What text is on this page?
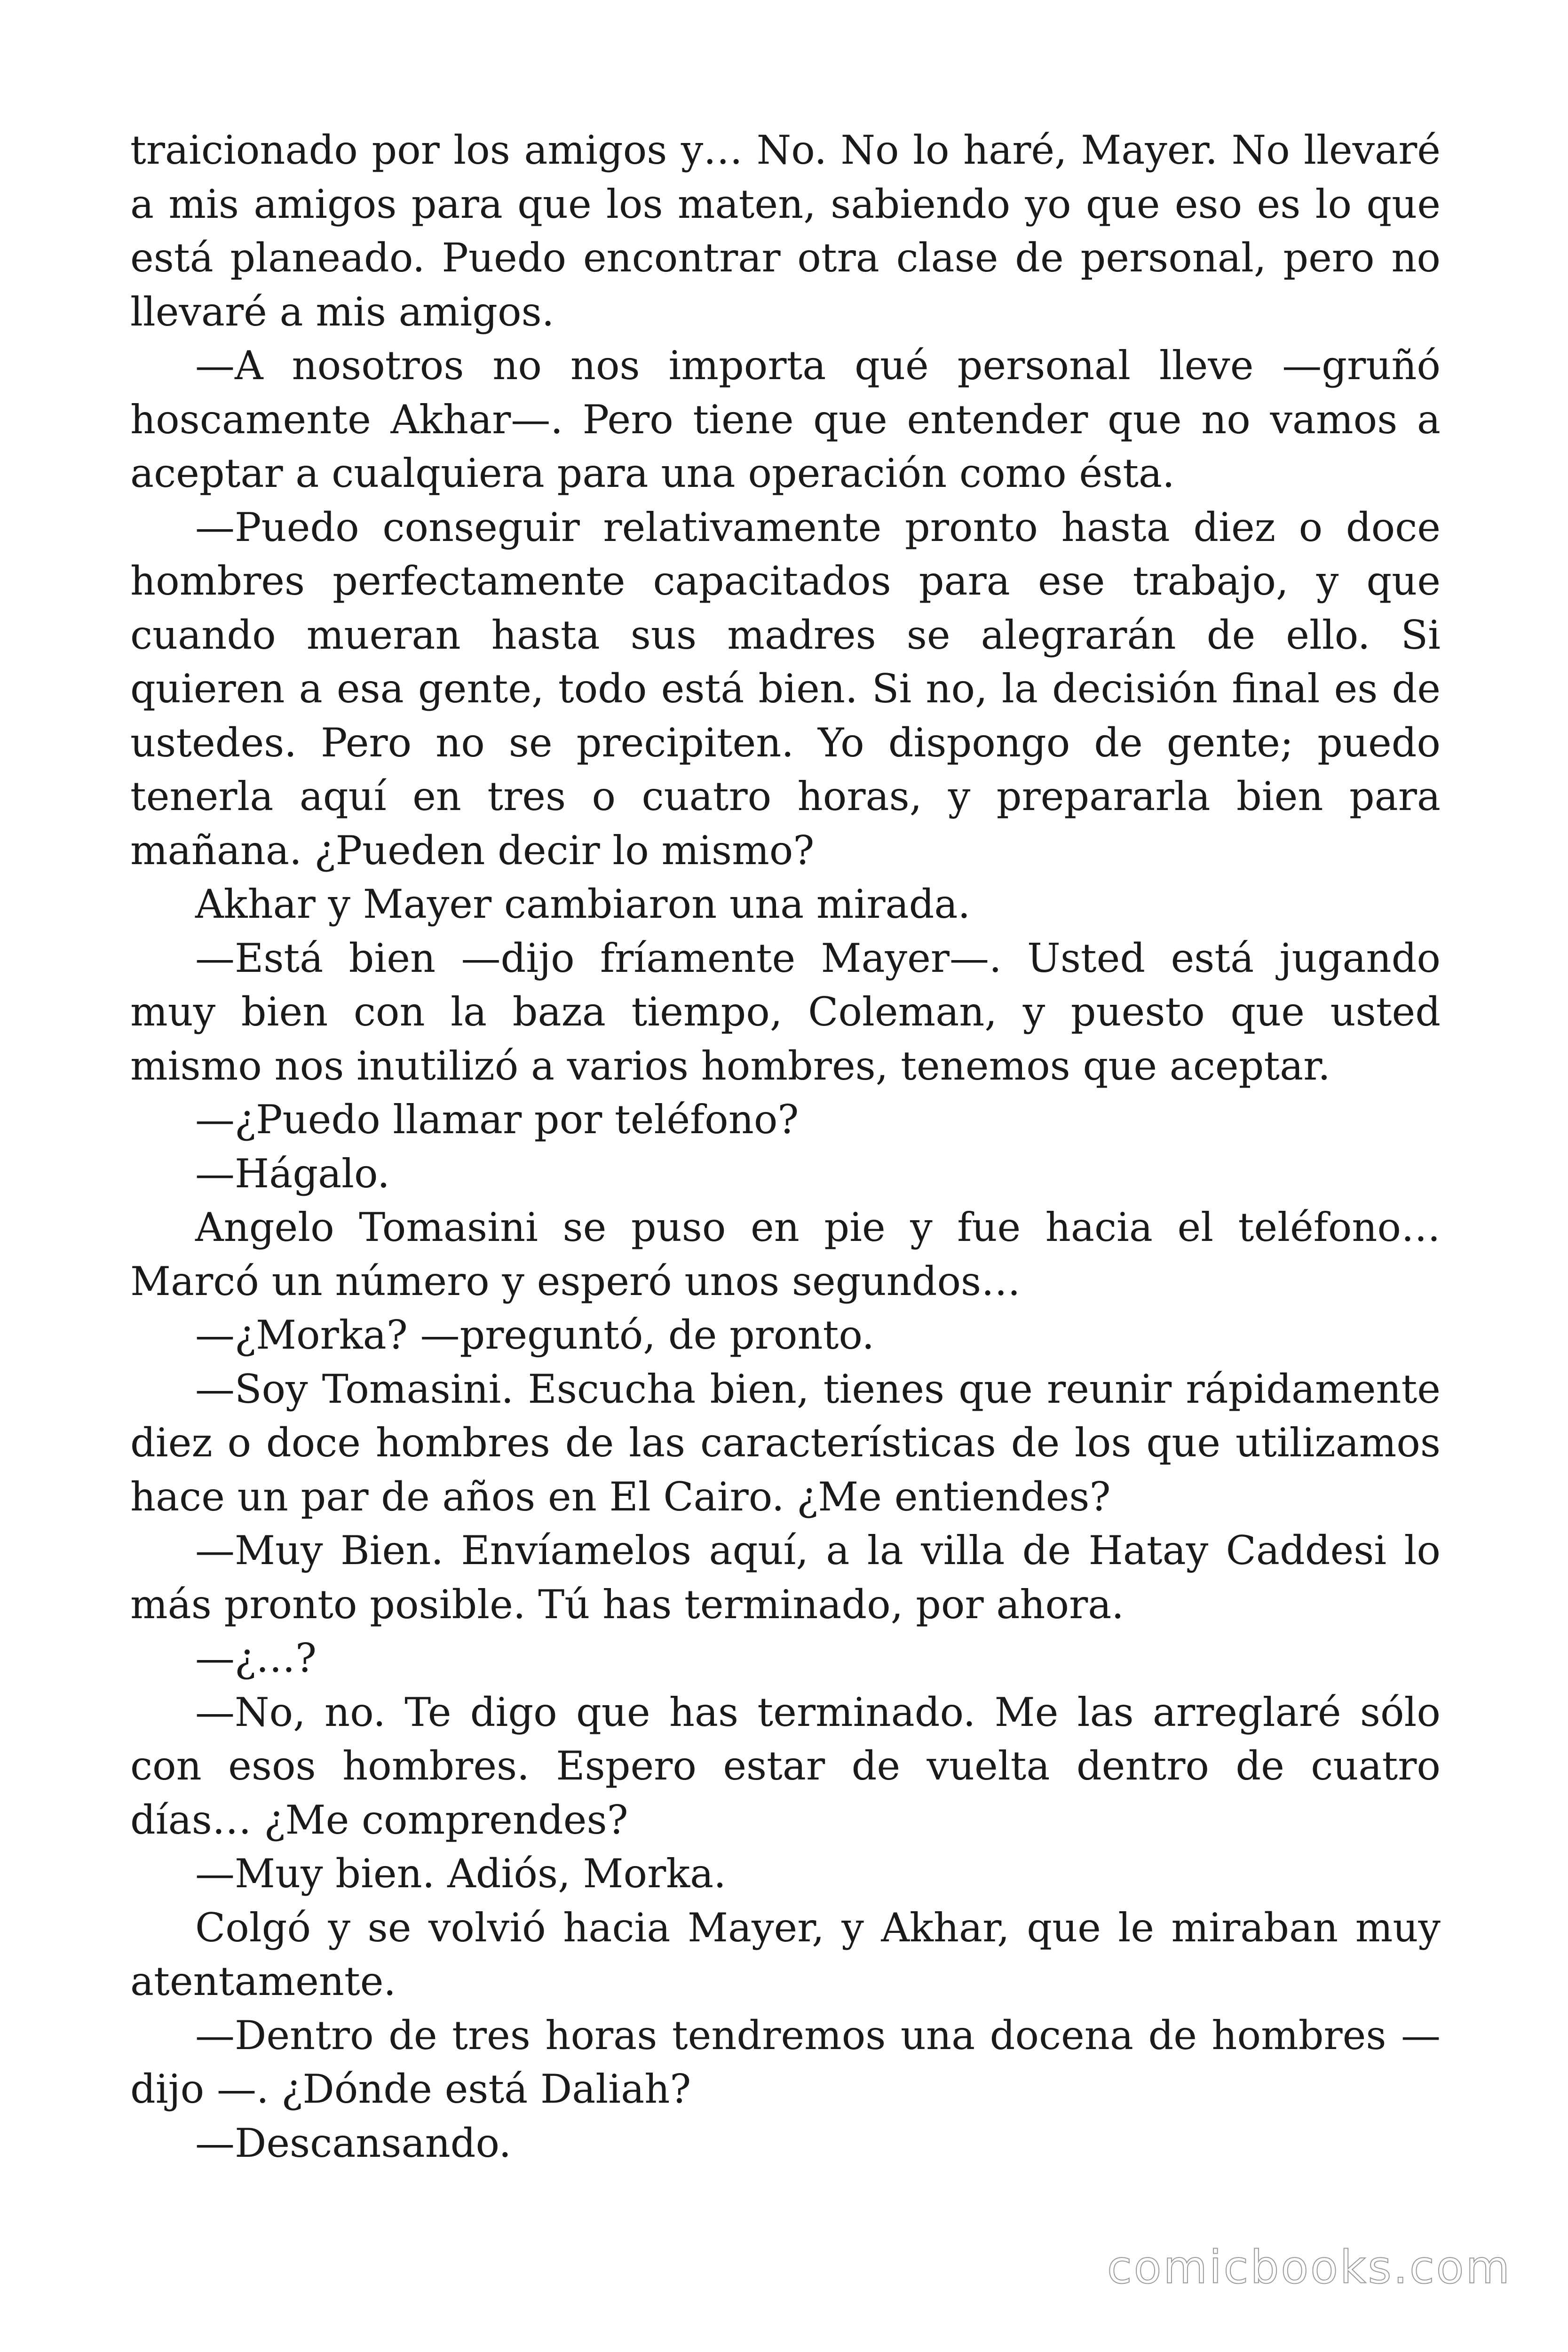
traicionado por los amigos y… No. No lo haré, Mayer. No llevaré a mis amigos para que los maten, sabiendo yo que eso es lo que está planeado. Puedo encontrar otra clase de personal, pero no llevaré a mis amigos.

—A nosotros no nos importa qué personal lleve —gruñó hoscamente Akhar—. Pero tiene que entender que no vamos a aceptar a cualquiera para una operación como ésta.

—Puedo conseguir relativamente pronto hasta diez o doce hombres perfectamente capacitados para ese trabajo, y que cuando mueran hasta sus madres se alegrarán de ello. Si quieren a esa gente, todo está bien. Si no, la decisión final es de ustedes. Pero no se precipiten. Yo dispongo de gente; puedo tenerla aquí en tres o cuatro horas, y prepararla bien para mañana. ¿Pueden decir lo mismo?

Akhar y Mayer cambiaron una mirada.

—Está bien —dijo fríamente Mayer—. Usted está jugando muy bien con la baza tiempo, Coleman, y puesto que usted mismo nos inutilizó a varios hombres, tenemos que aceptar.

—¿Puedo llamar por teléfono?

—Hágalo.

Angelo Tomasini se puso en pie y fue hacia el teléfono… Marcó un número y esperó unos segundos…

—¿Morka? —preguntó, de pronto.

—Soy Tomasini. Escucha bien, tienes que reunir rápidamente diez o doce hombres de las características de los que utilizamos hace un par de años en El Cairo. ¿Me entiendes?

—Muy Bien. Envíamelos aquí, a la villa de Hatay Caddesi lo más pronto posible. Tú has terminado, por ahora.

—¿…?

—No, no. Te digo que has terminado. Me las arreglaré sólo con esos hombres. Espero estar de vuelta dentro de cuatro días… ¿Me comprendes?

—Muy bien. Adiós, Morka.

Colgó y se volvió hacia Mayer, y Akhar, que le miraban muy atentamente.

—Dentro de tres horas tendremos una docena de hombres —dijo —. ¿Dónde está Daliah?

—Descansando.

comicbooks.com
